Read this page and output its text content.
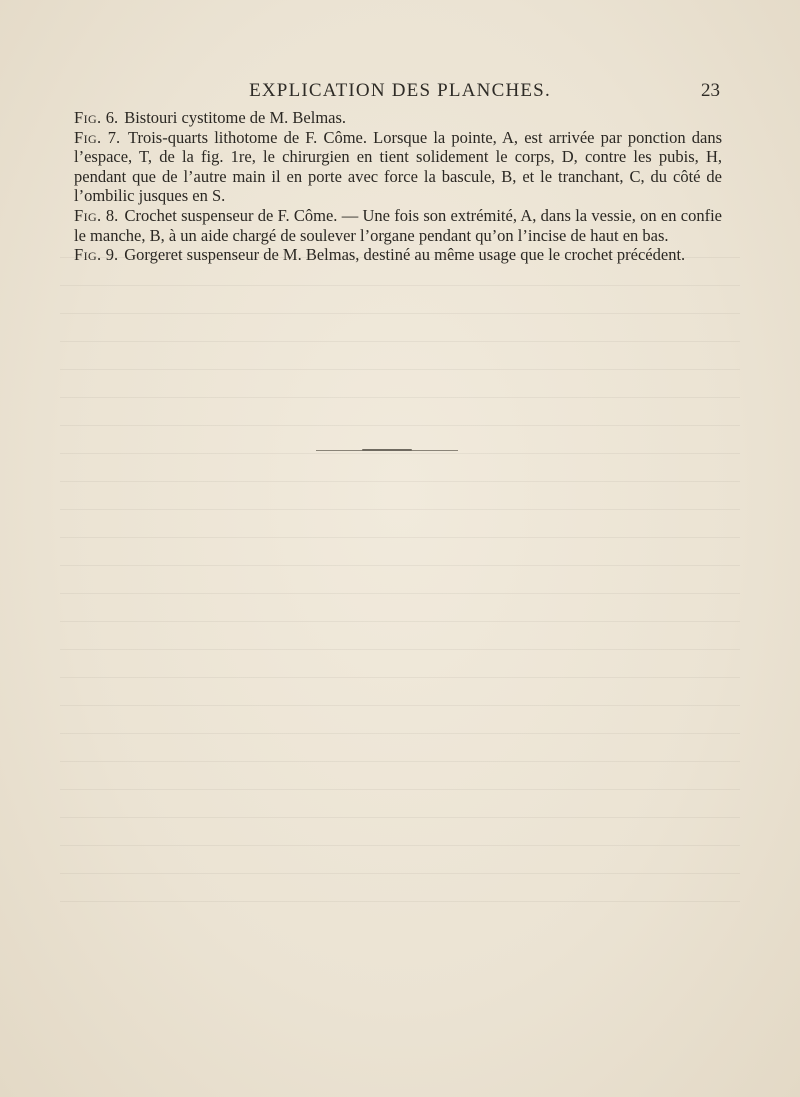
EXPLICATION DES PLANCHES.	23

Fig. 6. Bistouri cystitome de M. Belmas.

Fig. 7. Trois-quarts lithotome de F. Côme. Lorsque la pointe, A, est arrivée par ponction dans l’espace, T, de la fig. 1re, le chirurgien en tient solidement le corps, D, contre les pubis, H, pendant que de l’autre main il en porte avec force la bascule, B, et le tranchant, C, du côté de l’ombilic jusques en S.

Fig. 8. Crochet suspenseur de F. Côme. — Une fois son extrémité, A, dans la vessie, on en confie le manche, B, à un aide chargé de soulever l’organe pendant qu’on l’incise de haut en bas.

Fig. 9. Gorgeret suspenseur de M. Belmas, destiné au même usage que le crochet précédent.
